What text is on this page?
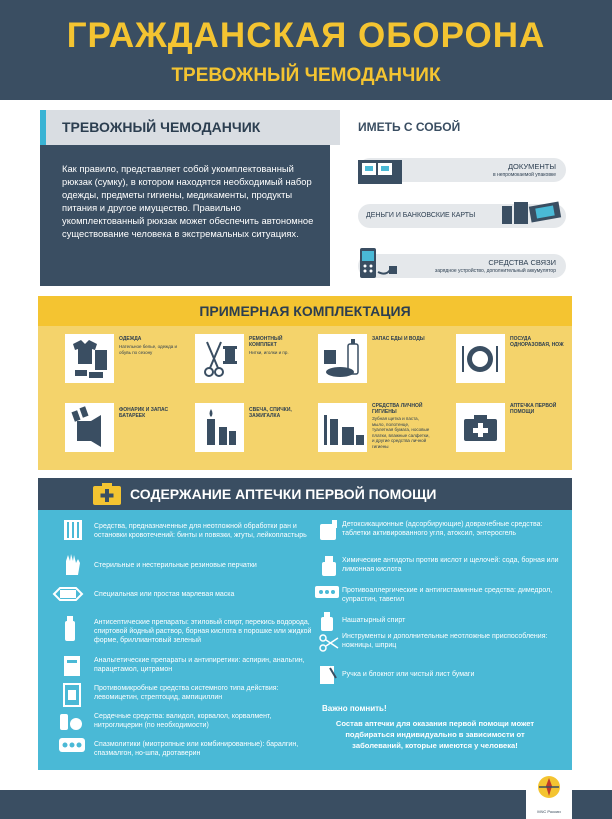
ГРАЖДАНСКАЯ ОБОРОНА
ТРЕВОЖНЫЙ ЧЕМОДАНЧИК
ТРЕВОЖНЫЙ ЧЕМОДАНЧИК
Как правило, представляет собой укомплектованный рюкзак (сумку), в котором находятся необходимый набор одежды, предметы гигиены, медикаменты, продукты питания и другое имущество. Правильно укомплектованный рюкзак может обеспечить автономное существование человека в экстремальных ситуациях.
ИМЕТЬ С СОБОЙ
ДОКУМЕНТЫ
в непромокаемой упаковке
ДЕНЬГИ И БАНКОВСКИЕ КАРТЫ
СРЕДСТВА СВЯЗИ
зарядное устройство, дополнительный аккумулятор
ПРИМЕРНАЯ КОМПЛЕКТАЦИЯ
ОДЕЖДА
Нательное белье, одежда и обувь по сезону
РЕМОНТНЫЙ КОМПЛЕКТ
Нитки, иголки и пр.
ЗАПАС ЕДЫ И ВОДЫ	ПОСУДА ОДНОРАЗОВАЯ, НОЖ
ФОНАРИК И ЗАПАС БАТАРЕЕК
СВЕЧА, СПИЧКИ, ЗАЖИГАЛКА
СРЕДСТВА ЛИЧНОЙ ГИГИЕНЫ
Зубная щетка и паста, мыло, полотенце, туалетная бумага, носовые платки, влажные салфетки, и другие средства личной гигиены
АПТЕЧКА ПЕРВОЙ ПОМОЩИ
СОДЕРЖАНИЕ АПТЕЧКИ ПЕРВОЙ ПОМОЩИ
Средства, предназначенные для неотложной обработки ран и остановки кровотечений: бинты и повязки, жгуты, лейкопластырь
Стерильные и нестерильные резиновые перчатки
Специальная или простая марлевая маска
Антисептические препараты: этиловый спирт, перекись водорода, спиртовой йодный раствор, борная кислота в порошке или жидкой форме, бриллиантовый зеленый
Анальгетические препараты и антипиретики: аспирин, анальгин, парацетамол, цитрамон
Противомикробные средства системного типа действия: левомицетин, стрептоцид, ампициллин
Сердечные средства: валидол, корвалол, корвалмент, нитроглицерин (по необходимости)
Спазмолитики (миотропные или комбинированные): баралгин, спазмалгон, но-шпа, дротаверин
Детоксикационные (адсорбирующие) доврачебные средства: таблетки активированного угля, атоксил, энтеросгель
Химические антидоты против кислот и щелочей: сода, борная или лимонная кислота
Противоаллергические и антигистаминные средства: димедрол, супрастин, тавегил
Нашатырный спирт
Инструменты и дополнительные неотложные приспособления: ножницы, шприц
Ручка и блокнот или чистый лист бумаги
Важно помнить!
Состав аптечки для оказания первой помощи может подбираться индивидуально в зависимости от заболеваний, которые имеются у человека!
МЧС России
